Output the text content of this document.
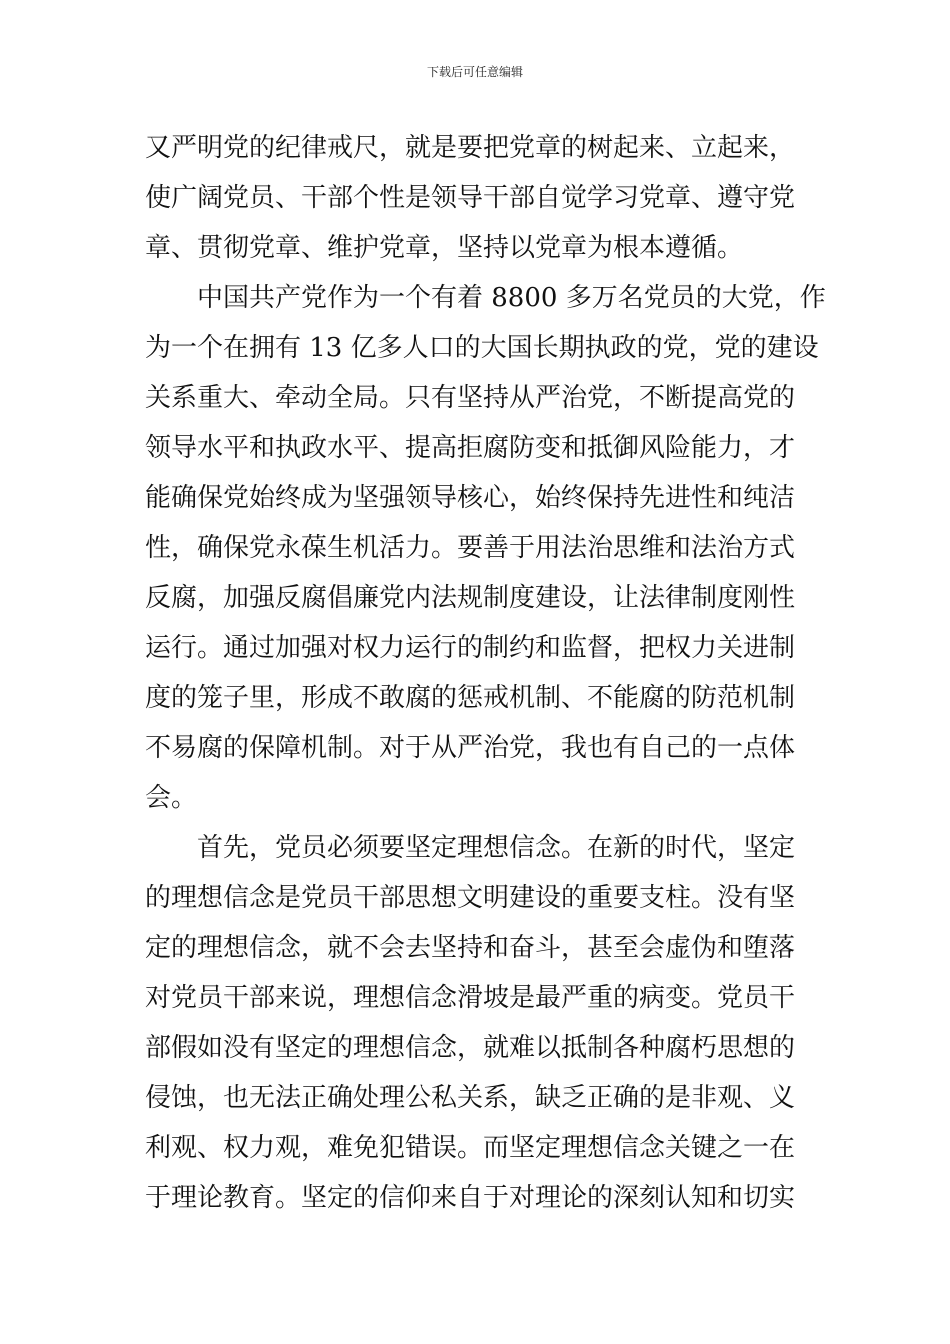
下载后可任意编辑
又严明党的纪律戒尺，就是要把党章的树起来、立起来，
使广阔党员、干部个性是领导干部自觉学习党章、遵守党
章、贯彻党章、维护党章，坚持以党章为根本遵循。
中国共产党作为一个有着 8800 多万名党员的大党，作
为一个在拥有 13 亿多人口的大国长期执政的党，党的建设
关系重大、牵动全局。只有坚持从严治党，不断提高党的
领导水平和执政水平、提高拒腐防变和抵御风险能力，才
能确保党始终成为坚强领导核心，始终保持先进性和纯洁
性，确保党永葆生机活力。要善于用法治思维和法治方式
反腐，加强反腐倡廉党内法规制度建设，让法律制度刚性
运行。通过加强对权力运行的制约和监督，把权力关进制
度的笼子里，形成不敢腐的惩戒机制、不能腐的防范机制
不易腐的保障机制。对于从严治党，我也有自己的一点体
会。
首先，党员必须要坚定理想信念。在新的时代，坚定
的理想信念是党员干部思想文明建设的重要支柱。没有坚
定的理想信念，就不会去坚持和奋斗，甚至会虚伪和堕落
对党员干部来说，理想信念滑坡是最严重的病变。党员干
部假如没有坚定的理想信念，就难以抵制各种腐朽思想的
侵蚀，也无法正确处理公私关系，缺乏正确的是非观、义
利观、权力观，难免犯错误。而坚定理想信念关键之一在
于理论教育。坚定的信仰来自于对理论的深刻认知和切实
